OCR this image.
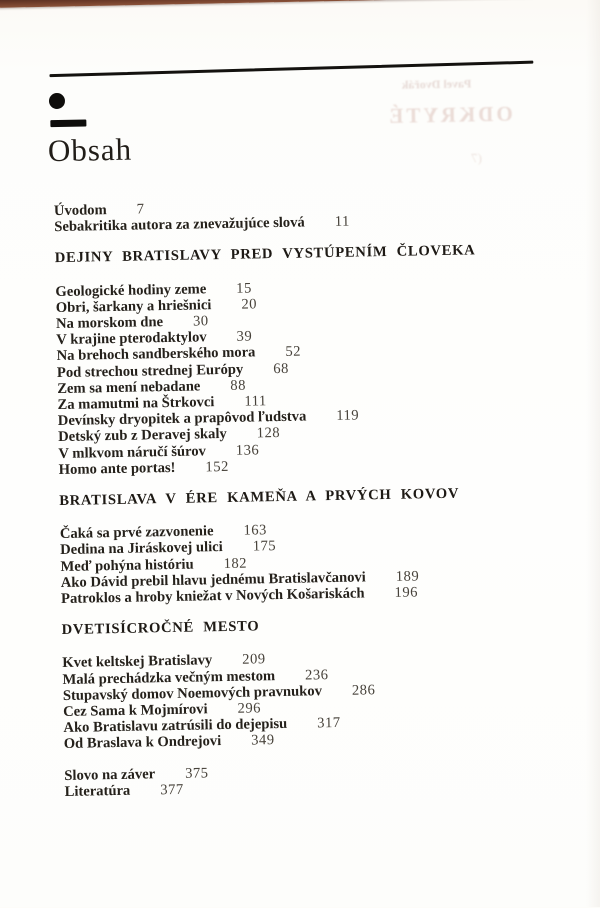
Obsah
Pavel Dvořák
ODKRYTÉ
(7
Úvodom 7
Sebakritika autora za znevažujúce slová 11
DEJINY BRATISLAVY PRED VYSTÚPENÍM ČLOVEKA
Geologické hodiny zeme 15
Obri, šarkany a hriešnici 20
Na morskom dne 30
V krajine pterodaktylov 39
Na brehoch sandberského mora 52
Pod strechou strednej Európy 68
Zem sa mení nebadane 88
Za mamutmi na Štrkovci 111
Devínsky dryopitek a prapôvod ľudstva 119
Detský zub z Deravej skaly 128
V mlkvom náručí šúrov 136
Homo ante portas! 152
BRATISLAVA V ÉRE KAMEŇA A PRVÝCH KOVOV
Čaká sa prvé zazvonenie 163
Dedina na Jiráskovej ulici 175
Meď pohýna históriu 182
Ako Dávid prebil hlavu jednému Bratislavčanovi 189
Patroklos a hroby kniežat v Nových Košariskách 196
DVETISÍCROČNÉ MESTO
Kvet keltskej Bratislavy 209
Malá prechádzka večným mestom 236
Stupavský domov Noemových pravnukov 286
Cez Sama k Mojmírovi 296
Ako Bratislavu zatrúsili do dejepisu 317
Od Braslava k Ondrejovi 349
Slovo na záver 375
Literatúra 377
